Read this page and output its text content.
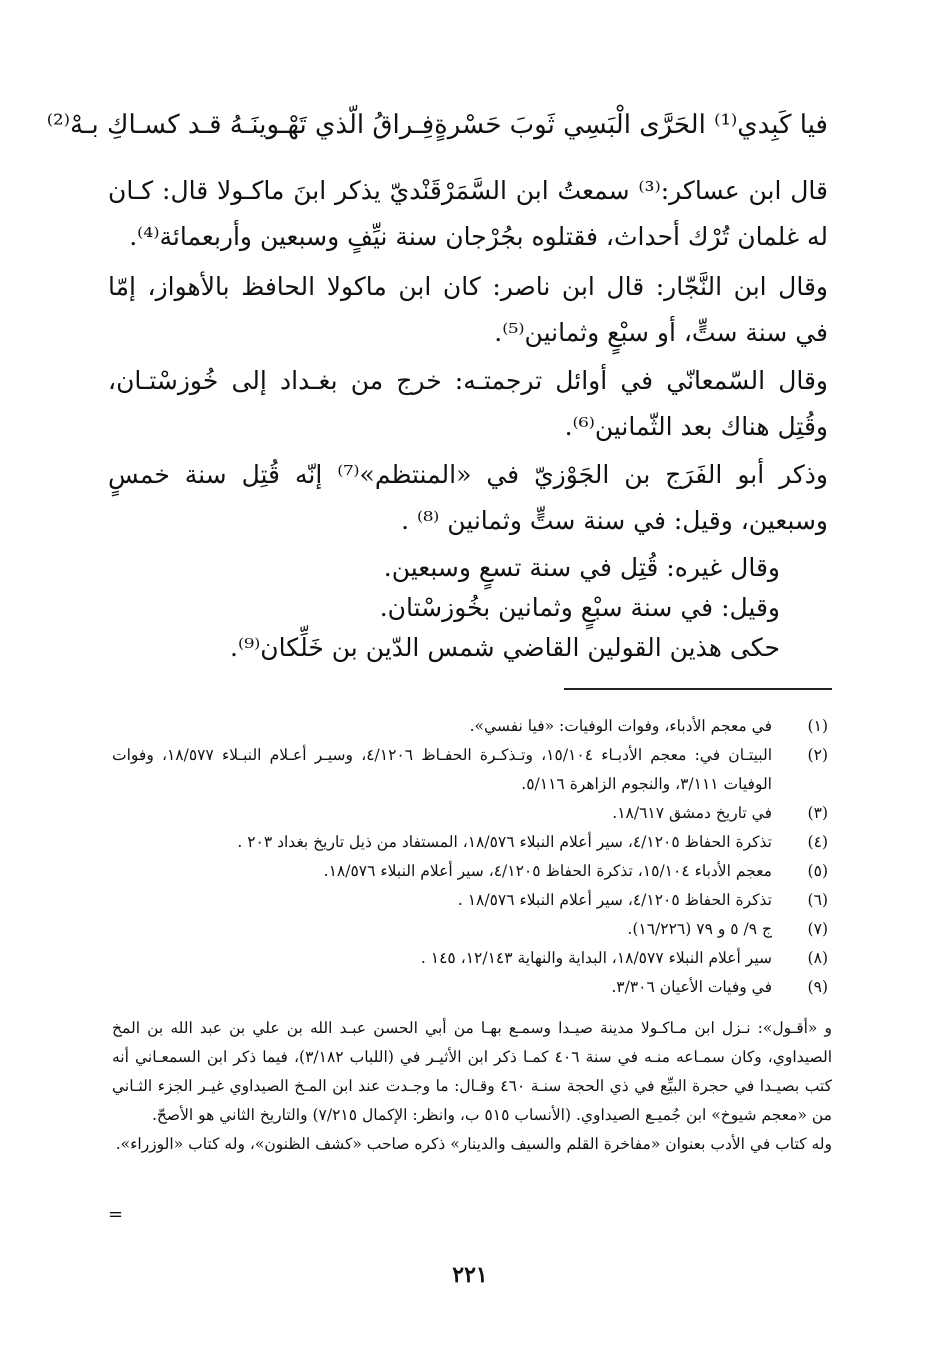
فيا كَبِدي⁽¹⁾ الحَرَّى الْبَسِي ثَوبَ حَسْرةٍ
فِـراقُ الّذي تَهْـوينَـهُ قـد كسـاكِ بـهْ⁽²⁾
قال ابن عساكر:⁽³⁾ سمعتُ ابن السَّمَرْقَنْديّ يذكر ابنَ ماكـولا قال: كـان له غلمان تُرْك أحداث، فقتلوه بجُرْجان سنة نيِّفٍ وسبعين وأربعمائة⁽⁴⁾.
وقال ابن النَّجّار: قال ابن ناصر: كان ابن ماكولا الحافظ بالأهواز، إمّا في سنة ستٍّ، أو سبْعٍ وثمانين⁽⁵⁾.
وقال السّمعانّي في أوائل ترجمتـه: خرج من بغـداد إلى خُوزسْتـان، وقُتِل هناك بعد الثّمانين⁽⁶⁾.
وذكر أبو الفَرَج بن الجَوْزيّ في «المنتظم»⁽⁷⁾ إنّه قُتِل سنة خمسٍ وسبعين، وقيل: في سنة ستٍّ وثمانين ⁽⁸⁾ .
وقال غيره: قُتِل في سنة تسعٍ وسبعين.
وقيل: في سنة سبْعٍ وثمانين بخُوزسْتان.
حكى هذين القولين القاضي شمس الدّين بن خَلِّكان⁽⁹⁾.
(١)
في معجم الأدباء، وفوات الوفيات: «فيا نفسي».
(٢)
البيتـان في: معجم الأدبـاء ١٥/١٠٤، وتـذكـرة الحفـاظ ٤/١٢٠٦، وسيـر أعـلام النبـلاء ١٨/٥٧٧، وفوات الوفيات ٣/١١١، والنجوم الزاهرة ٥/١١٦.
(٣)
في تاريخ دمشق ١٨/٦١٧.
(٤)
تذكرة الحفاظ ٤/١٢٠٥، سير أعلام النبلاء ١٨/٥٧٦، المستفاد من ذيل تاريخ بغداد ٢٠٣ .
(٥)
معجم الأدباء ١٥/١٠٤، تذكرة الحفاظ ٤/١٢٠٥، سير أعلام النبلاء ١٨/٥٧٦.
(٦)
تذكرة الحفاظ ٤/١٢٠٥، سير أعلام النبلاء ١٨/٥٧٦ .
(٧)
ج ٩/ ٥ و ٧٩ (١٦/٢٢٦).
(٨)
سير أعلام النبلاء ١٨/٥٧٧، البداية والنهاية ١٢/١٤٣، ١٤٥ .
(٩)
في وفيات الأعيان ٣/٣٠٦.

و «أقـول»: نـزل ابن مـاكـولا مدينة صيـدا وسمـع بهـا من أبي الحسن عبـد الله بن علي بن عبد الله بن المخ الصيداوي، وكان سمـاعه منـه في سنة ٤٠٦ كمـا ذكر ابن الأثيـر في (اللباب ٣/١٨٢)، فيما ذكر ابن السمعـاني أنه كتب بصيـدا في حجرة البيِّع في ذي الحجة سنـة ٤٦٠ وقـال: ما وجـدت عند ابن المـخ الصيداوي غيـر الجزء الثـاني من «معجم شيوخ» ابن جُميـع الصيداوي. (الأنساب ٥١٥ ب، وانظر: الإكمال ٧/٢١٥) والتاريخ الثاني هو الأصحّ.

وله كتاب في الأدب بعنوان «مفاخرة القلم والسيف والدينار» ذكره صاحب «كشف الظنون»، وله كتاب «الوزراء».

=
٢٢١
